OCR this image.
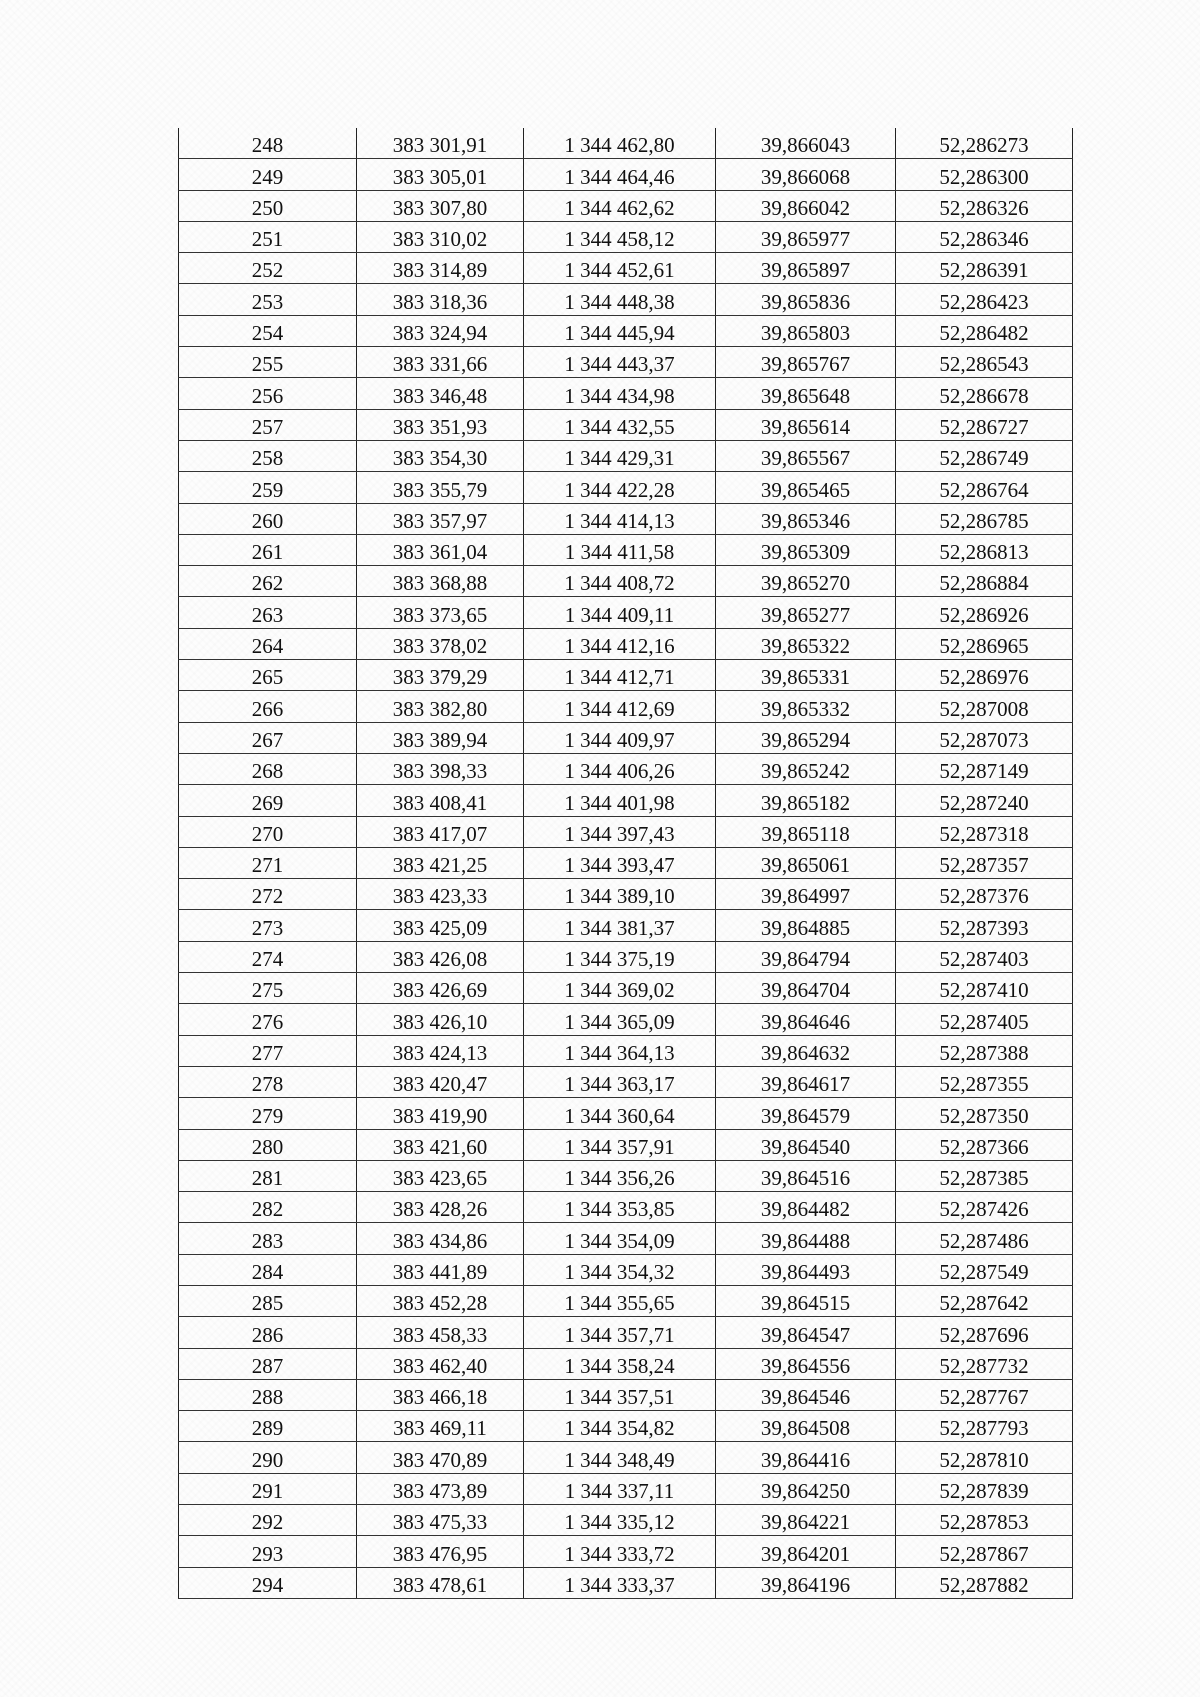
248	383 301,91	1 344 462,80	39,866043	52,286273
249	383 305,01	1 344 464,46	39,866068	52,286300
250	383 307,80	1 344 462,62	39,866042	52,286326
251	383 310,02	1 344 458,12	39,865977	52,286346
252	383 314,89	1 344 452,61	39,865897	52,286391
253	383 318,36	1 344 448,38	39,865836	52,286423
254	383 324,94	1 344 445,94	39,865803	52,286482
255	383 331,66	1 344 443,37	39,865767	52,286543
256	383 346,48	1 344 434,98	39,865648	52,286678
257	383 351,93	1 344 432,55	39,865614	52,286727
258	383 354,30	1 344 429,31	39,865567	52,286749
259	383 355,79	1 344 422,28	39,865465	52,286764
260	383 357,97	1 344 414,13	39,865346	52,286785
261	383 361,04	1 344 411,58	39,865309	52,286813
262	383 368,88	1 344 408,72	39,865270	52,286884
263	383 373,65	1 344 409,11	39,865277	52,286926
264	383 378,02	1 344 412,16	39,865322	52,286965
265	383 379,29	1 344 412,71	39,865331	52,286976
266	383 382,80	1 344 412,69	39,865332	52,287008
267	383 389,94	1 344 409,97	39,865294	52,287073
268	383 398,33	1 344 406,26	39,865242	52,287149
269	383 408,41	1 344 401,98	39,865182	52,287240
270	383 417,07	1 344 397,43	39,865118	52,287318
271	383 421,25	1 344 393,47	39,865061	52,287357
272	383 423,33	1 344 389,10	39,864997	52,287376
273	383 425,09	1 344 381,37	39,864885	52,287393
274	383 426,08	1 344 375,19	39,864794	52,287403
275	383 426,69	1 344 369,02	39,864704	52,287410
276	383 426,10	1 344 365,09	39,864646	52,287405
277	383 424,13	1 344 364,13	39,864632	52,287388
278	383 420,47	1 344 363,17	39,864617	52,287355
279	383 419,90	1 344 360,64	39,864579	52,287350
280	383 421,60	1 344 357,91	39,864540	52,287366
281	383 423,65	1 344 356,26	39,864516	52,287385
282	383 428,26	1 344 353,85	39,864482	52,287426
283	383 434,86	1 344 354,09	39,864488	52,287486
284	383 441,89	1 344 354,32	39,864493	52,287549
285	383 452,28	1 344 355,65	39,864515	52,287642
286	383 458,33	1 344 357,71	39,864547	52,287696
287	383 462,40	1 344 358,24	39,864556	52,287732
288	383 466,18	1 344 357,51	39,864546	52,287767
289	383 469,11	1 344 354,82	39,864508	52,287793
290	383 470,89	1 344 348,49	39,864416	52,287810
291	383 473,89	1 344 337,11	39,864250	52,287839
292	383 475,33	1 344 335,12	39,864221	52,287853
293	383 476,95	1 344 333,72	39,864201	52,287867
294	383 478,61	1 344 333,37	39,864196	52,287882
